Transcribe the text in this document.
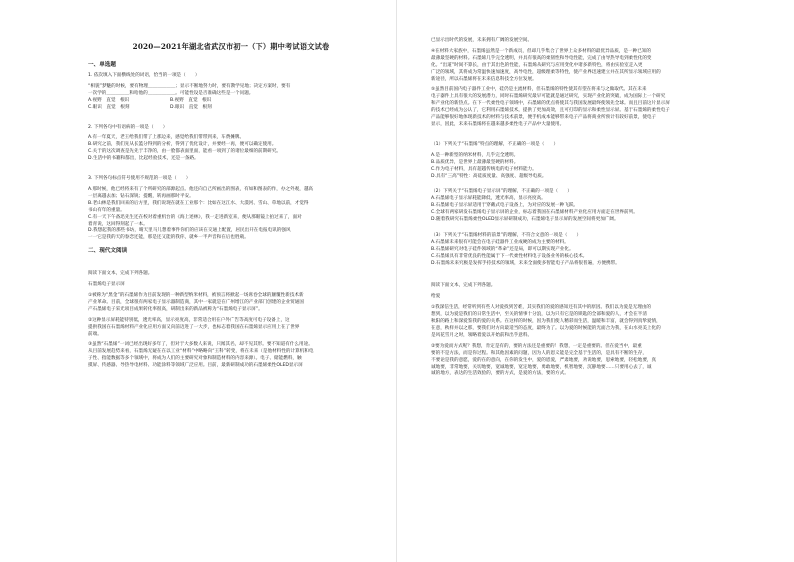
2020—2021年湖北省武汉市初一（下）期中考试语文试卷
一、单选题

1. 依次填入下面横线处的词语，恰当的一项是（　　）

“相貌”梦魅的时候，要有物理＿＿＿＿＿＿；显示不断地努力时，要有教学见地；决定方案时，要有

一次学的＿＿＿＿＿和哈他的＿＿＿＿＿＿。可能性设是否准确这些是一个问题。

A.视野　直觉　根识	B.视野　直觉　根识
C.眼识　直觉　根刻	D.眼识　直觉　根刻

2. 下列各句中有语病的一项是（　　）

A.有一年夏天，老王给我们带了上那边来，感觉给我们带带到来，车费摊牌。

B.研究之前，我们先从长篮分得到的分析，得到了优化设计，并要经一再，便可以确定使用。

C.关于的这次调查是先先于丰净的，由一脸都表面里面，能看一项到了的诸位最细的前期研究。

D.生活中的书籍和都出，比起经验技术，还是一条路。

3. 下列各句标点符号使用不规范的一项是（　　）

A.那时候，他已经将来有了个所研究的部源起点。他还向自己所画出的图表，有如和图表的作，办之外观，越高

一层离越去加；钻石深锐；提醒，转再画那时平安。

B.老山林是我们回来的后方里，我们说现在就在工业那个：比如在这江水、大漠河、雪山、草地以前，才觉得

书山有年的重量。

C.有一天下午备迅先生还在校对着重机台的《海上述林》，我一走进新室来，便从那眼镜上拍过来了，面对

着青说，这回得刻起了一本。

D.我想起我的那些书坊，晴天里马儿想着事件你们的应该在交通上配置，居民出开在电报电讯的强风

一一它是我的天的眷恋还能，那是还又能的我你，就乡一半声音和在后也胜载。

二、现代文阅读

阅读下面文本，完成下列各题。

石墨烯电子显示屏

①被称为“黑金”的石墨烯作为目前发现的一种新型纳米材料，被预言将掀起一场席卷全球的颠覆性新技术新

产业革命。目前，全球很有两家电子显示器制造商，其中一家就是在广州增江的产业部门创建的企业贸通国

产石墨烯电子采光项目成果转化率很高，研制出来的新品被称为“石墨烯电子显示屏”。

②这种显示屏耗能特别低，透光率高，显示亮度高，非常适合用在户外广告等高度可电子设备上，这

提供我国在石墨烯材料产业化应用方面又向前迈进了一大步，也标志着我国在石墨烯显示应用上在了世界

前端。

③虽然“石墨烯”一词已经出现好多年了，但对于大多数人来说，只闻其名，却不见其形。要不知道有什么用途。

从目前发展趋势来看，石墨烯无疑在在以工业“材料”中略略向“王科”转变，将在未来（是他材料性的计算机和电

子性、指能数据等多个领域中，将成为人们的主要研究对象和制造材料的内容来源）。电子、储能燃料，触

摸屏、传感器、导热导电材料、功能涂料等领域广泛应用。目前，最新研制成功的石墨烯柔性OLED显示屏

已显示出时代的发展，未来拥有广阔的发展空间。

④在材料大家族中，石墨烯虽然是一个新成员，但却几乎集合了世界上众多材料的最优异品质，是一种已知的

最薄最坚硬的材料。石墨烯几乎完全透明，并具有很高的柔韧性和导电性能，完成了由导热导电到柔性化的变

化。“出道”时间不算长，由于其出色的性能，石墨烯从研究与应用变化中诸多新特色，将由实验室走入更

广泛的领域，其将成为常温快速加速度，高导电性，超级理柔等特性，使产业界迅速建立并在其所显示领域应用的

新途径，所以石墨烯将在未来信息科技全方位发展。

⑤虽然目前国内电子器件工业中，硅仍是主流材料，但石墨烯的特性使其有望在将来与之做取代。其在未来

电子器件上具有很大的发展潜力，同时石墨烯研究最早可能就是通过研究，实现产业化的突破，成为国际上一个研究

和产业化的新热点。在下一代柔性电子领域中，石墨烯的优点将使其与我国发展最终使领先全球。而且目前这片显示屏

的技术已经成为公认了，它利用石墨烯技术，提供了更加高效，且可打印的显示和柔性显示屏。基于石墨烯的柔性电子

产品能够很好地体现新技术的材料与技术前景，便手机成本能够带来电子产品将商业所预计有较好前景，使电子

显示，因此，未来石墨烯将在越来越多柔性电子产品中大量使用。

（1）下列关于“石墨烯”特点的理解，不正确的一项是（　　）

A.是一种新型的纳米材料，几乎完全透明。

B.品质优异，是世界上最薄最坚硬的材料。

C.作为电子材料，具有超越传统电的电子材料能力。

D.具有“三高”特性：高硅质度量、高强度、超级导电质。

（2）下列关于“石墨烯电子显示屏”的理解，不正确的一项是（　　）

A.石墨烯电子显示屏耗能降低，透光率高，显示亮度高。

B.石墨烯电子显示屏适用于穿戴式电子设备上，为对应的发展一种飞跃。

C.全球有两家研发石墨烯电子显示屏的企业，标志着我国在石墨烯材料产业化应用方面走在世界前列。

D.随着我研究石墨烯柔性OLED显示屏研制成功，石墨烯电子显示屏的发展空间将更加广阔。

（3）下列关于“石墨烯材料的前景”的理解，不符合文意的一项是（　　）

A.石墨烯未来很有可能会在电子硅器件工业成硬的成为主要的材料。

B.石墨烯研究对电子硅件领域的“革命”还是局，即可以期实现产业化。

C.石墨烯具有非常优良的性能属于下一代柔性材料电子设备业务的核心技术。

D.石墨烯未来究极是发挥手持技术的领域，未来全面使多智能电子产品将很普遍，方便携带。

阅读下面文本，完成下列各题。

给爱

①我深信生活，经常听到有些人对爱找到苦难，其实我们的爱的感知还有其中的原因。我们以为爱是无理由的

想到，以为爱是我们的日常生活中，至关的情事十分浪，以为只有它是的锁匙的全部和爱的人，才会在半清

秋阳的路上和深爱鉴我的爱的关系。在这样的时候，因为我们使人精彩而生活，温暖和丰富，就会得到真挚爱情，

在意，秋样并以之那，要我们对方向最适当的态度，最终为了。以为爱的时候能的光面合为我，在山水亮美上化的

是风花雪月之时，领略着爱以开始前和出乎意料。

②要为爱而方式呢？我想，肯定是有的，要的方法还是重要的！我想，一定是重要的。但在爱当中，最重

要的不是方法，而是你过程。和其他因素的问题，因为人的恩义能是完全基于生活的，是具有不断的生存，

不要论是我的意愿，爱的在的意向，在你的发生中，爱的恩爱，严肃地要，劝说地要，思索地要，轻松地要，真

诚地要，非常地要，关切地要，宽诚地要，宽定地要，勇敢地要，机智地要，沉静地要……只要用心去了，诚

诚的地方，表达的生活效验的，要的方式，是爱的方法，要的方式。
